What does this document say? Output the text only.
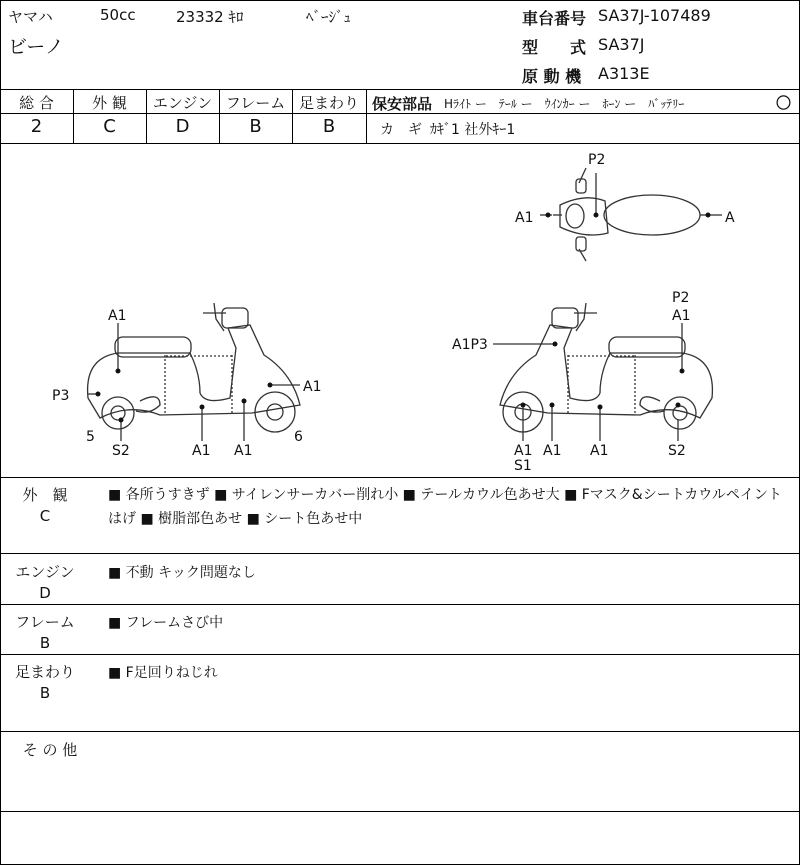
ヤマハ	50cc	23332 ｷﾛ	ﾍﾞｰｼﾞｭ
ビーノ
車台番号 SA37J-107489
型　　式 SA37J
原 動 機 A313E
総 合	外 観	エンジン フレーム 足まわり
2	C	D	B	B
保安部品 Hﾗｲﾄ ー　ﾃｰﾙ ー　ｳｲﾝｶｰ ー　ﾎｰﾝ ー　ﾊﾞｯﾃﾘｰ	〇
カ　ギ ｶｷﾞ1 社外ｷｰ1
P2
A1	A
A1
P3
5
S2	A1 A1
A1
6
P2
A1
A1P3
A1
S1
A1 A1	S2
外　観
C
■ 各所うすきず ■ サイレンサーカバー削れ小 ■ テールカウル色あせ大 ■ Fマスク&シートカウルペイント
はげ ■ 樹脂部色あせ ■ シート色あせ中
エンジン
D
■ 不動 キック問題なし
フレーム
B
■ フレームさび中
足まわり
B
■ F足回りねじれ
そ の 他
